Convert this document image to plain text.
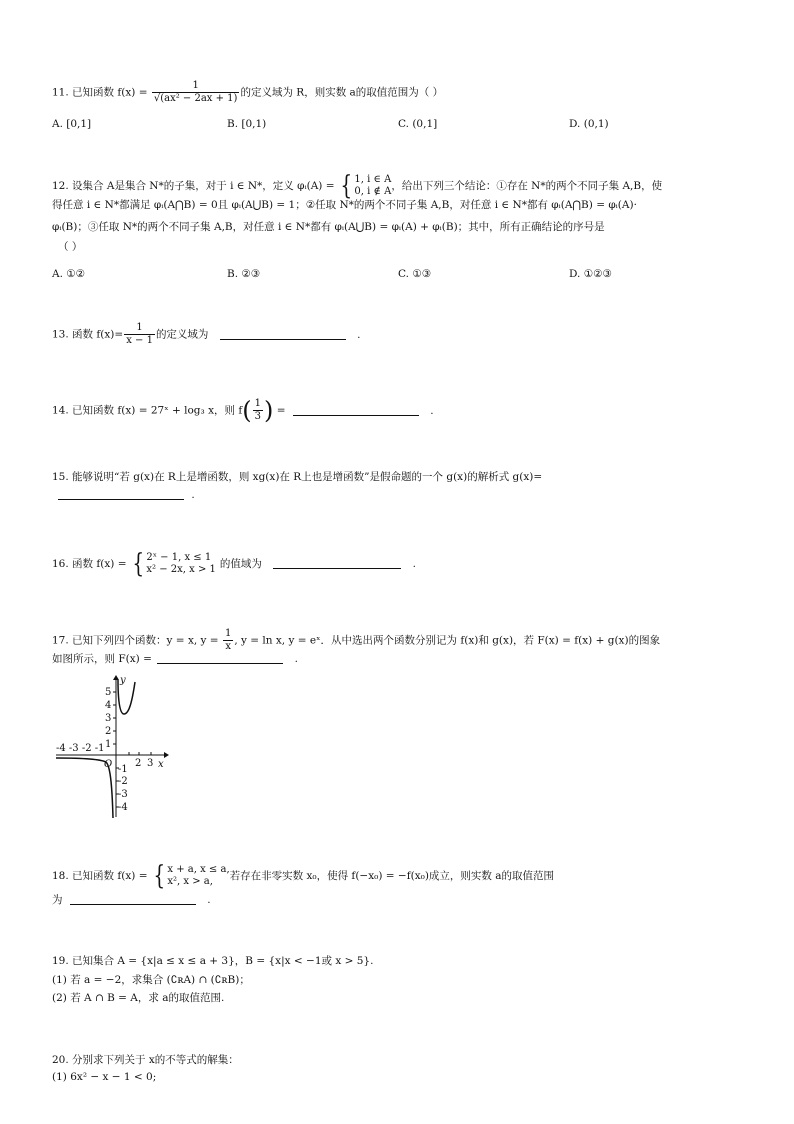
11. 已知函数 $f(x) = \frac{1}{\text{√(ax² − 2ax + 1)}}$ 的定义域为 R，则实数 a的取值范围为（ ）
A. [0,1]	B. [0,1)	C. (0,1]	D. (0,1)
12. 设集合 A是集合 N*的子集，对于 i ∈ N*，定义 φᵢ(A) = { 1, i ∈ A
0, i ∉ A，给出下列三个结论：①存在 N*的两个不同子集 A,B，使
得任意 i ∈ N*都满足 φᵢ(A⋂B) = 0且 φᵢ(A⋃B) = 1；②任取 N*的两个不同子集 A,B，对任意 i ∈ N*都有 φᵢ(A⋂B) = φᵢ(A)·
φᵢ(B)；③任取 N*的两个不同子集 A,B，对任意 i ∈ N*都有 φᵢ(A⋃B) = φᵢ(A) + φᵢ(B)；其中，所有正确结论的序号是
（ ）
A. ①②	B. ②③	C. ①③	D. ①②③
13. 函数 $f(x)= \frac{1}{x - 1}$ 的定义域为	.
14. 已知函数 f(x) = 27ˣ + log₃ x，则 $f( \frac{1}{3}$ ) =	.
15. 能够说明“若 g(x)在 R上是增函数，则 xg(x)在 R上也是增函数”是假命题的一个 g(x)的解析式 g(x)=
.
16. 函数 f(x) = { 2ˣ − 1, x ≤ 1
x² − 2x, x > 1 的值域为	.
17. 已知下列四个函数：y = x, $y = \frac{1}{x}$ , y = ln x, y = eˣ．从中选出两个函数分别记为 f(x)和 g(x)，若 F(x) = f(x) + g(x)的图象
如图所示，则 F(x) =	.
y
x
O
5
4
3
2
1
-1
-2
-3
-4
-4 -3 -2 -1
2 3
18. 已知函数 f(x) = { x + a, x ≤ a,
x², x > a, 若存在非零实数 x₀，使得 f(−x₀) = −f(x₀)成立，则实数 a的取值范围
为	.
19. 已知集合 A = {x|a ≤ x ≤ a + 3}，B = {x|x < −1或 x > 5}.
(1) 若 a = −2，求集合 (∁ʀA) ∩ (∁ʀB)；
(2) 若 A ∩ B = A，求 a的取值范围.
20. 分别求下列关于 x的不等式的解集：
(1) 6x² − x − 1 < 0;
